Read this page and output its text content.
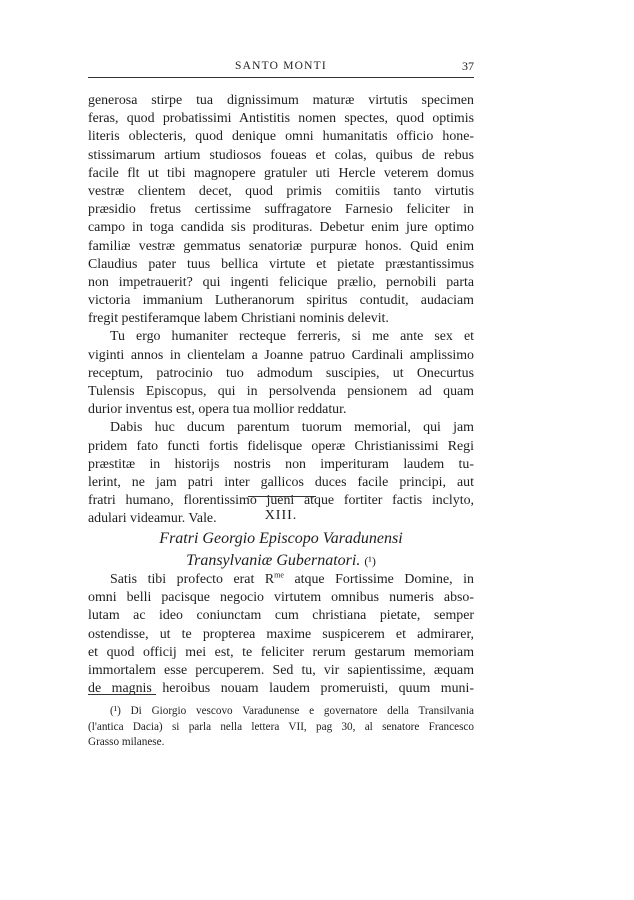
SANTO MONTI	37
generosa stirpe tua dignissimum maturæ virtutis specimen
feras, quod probatissimi Antistitis nomen spectes, quod optimis
literis oblecteris, quod denique omni humanitatis officio hone-
stissimarum artium studiosos foueas et colas, quibus de rebus
facile flt ut tibi magnopere gratuler uti Hercle veterem domus
vestræ clientem decet, quod primis comitiis tanto virtutis
præsidio fretus certissime suffragatore Farnesio feliciter in
campo in toga candida sis prodituras. Debetur enim jure optimo
familiæ vestræ gemmatus senatoriæ purpuræ honos. Quid enim
Claudius pater tuus bellica virtute et pietate præstantissimus
non impetrauerit? qui ingenti felicique prælio, pernobili parta
victoria immanium Lutheranorum spiritus contudit, audaciam
fregit pestiferamque labem Christiani nominis delevit.
Tu ergo humaniter recteque ferreris, si me ante sex et
viginti annos in clientelam a Joanne patruo Cardinali amplissimo
receptum, patrocinio tuo admodum suscipies, ut Onecurtus
Tulensis Episcopus, qui in persolvenda pensionem ad quam
durior inventus est, opera tua mollior reddatur.
Dabis huc ducum parentum tuorum memorial, qui jam
pridem fato functi fortis fidelisque operæ Christianissimi Regi
præstitæ in historijs nostris non imperituram laudem tu-
lerint, ne jam patri inter gallicos duces facile principi, aut
fratri humano, florentissimo jueni atque fortiter factis inclyto,
adulari videamur. Vale.	XIII.
Fratri Georgio Episcopo Varadunensi
Transylvaniæ Gubernatori. (¹)
Satis tibi profecto erat $R^{me}$ atque Fortissime Domine, in
omni belli pacisque negocio virtutem omnibus numeris abso-
lutam ac ideo coniunctam cum christiana pietate, semper
ostendisse, ut te propterea maxime suspicerem et admirarer,
et quod officij mei est, te feliciter rerum gestarum memoriam
immortalem esse percuperem. Sed tu, vir sapientissime, æquam
de magnis heroibus nouam laudem promeruisti, quum muni-
(¹) Di Giorgio vescovo Varadunense e governatore della Transilvania
(l'antica Dacia) si parla nella lettera VII, pag 30, al senatore Francesco
Grasso milanese.
